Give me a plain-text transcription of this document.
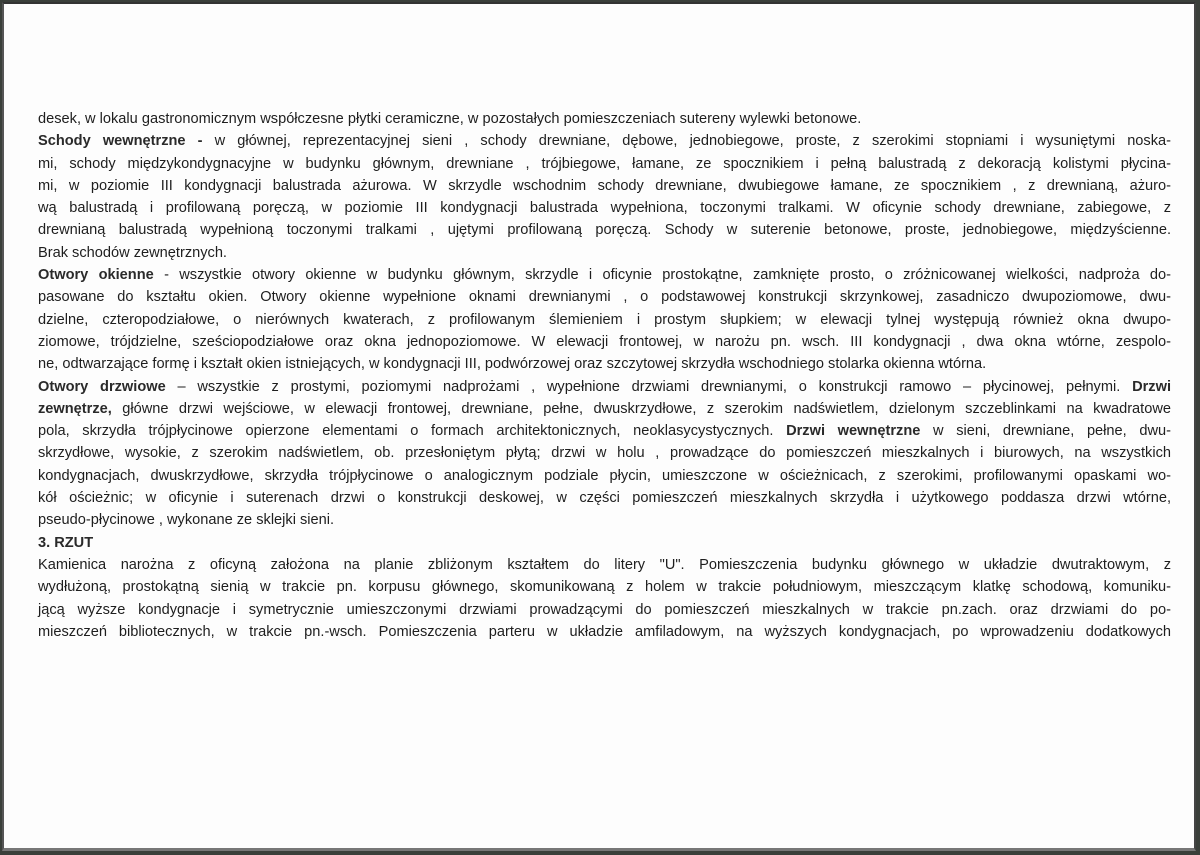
desek, w lokalu gastronomicznym współczesne płytki ceramiczne, w pozostałych pomieszczeniach sutereny wylewki betonowe.
Schody wewnętrzne - w głównej, reprezentacyjnej sieni , schody drewniane, dębowe, jednobiegowe, proste, z szerokimi stopniami i wysuniętymi noska-
mi, schody międzykondygnacyjne w budynku głównym, drewniane , trójbiegowe, łamane, ze spocznikiem i pełną balustradą z dekoracją kolistymi płycina-
mi, w poziomie III kondygnacji balustrada ażurowa. W skrzydle wschodnim schody drewniane, dwubiegowe łamane, ze spocznikiem , z drewnianą, ażuro-
wą balustradą i profilowaną poręczą, w poziomie III kondygnacji balustrada wypełniona, toczonymi tralkami. W oficynie schody drewniane, zabiegowe, z
drewnianą balustradą wypełnioną toczonymi tralkami , ujętymi profilowaną poręczą. Schody w suterenie betonowe, proste, jednobiegowe, międzyścienne.
Brak schodów zewnętrznych.
Otwory okienne - wszystkie otwory okienne w budynku głównym, skrzydle i oficynie prostokątne, zamknięte prosto, o zróżnicowanej wielkości, nadproża do-
pasowane do kształtu okien. Otwory okienne wypełnione oknami drewnianymi , o podstawowej konstrukcji skrzynkowej, zasadniczo dwupoziomowe, dwu-
dzielne, czteropodziałowe, o nierównych kwaterach, z profilowanym ślemieniem i prostym słupkiem; w elewacji tylnej występują również okna dwupo-
ziomowe, trójdzielne, sześciopodziałowe oraz okna jednopoziomowe. W elewacji frontowej, w narożu pn. wsch. III kondygnacji , dwa okna wtórne, zespolo-
ne, odtwarzające formę i kształt okien istniejących, w kondygnacji III, podwórzowej oraz szczytowej skrzydła wschodniego stolarka okienna wtórna.
Otwory drzwiowe – wszystkie z prostymi, poziomymi nadprożami , wypełnione drzwiami drewnianymi, o konstrukcji ramowo – płycinowej, pełnymi. Drzwi
zewnętrze, główne drzwi wejściowe, w elewacji frontowej, drewniane, pełne, dwuskrzydłowe, z szerokim nadświetlem, dzielonym szczeblinkami na kwadratowe
pola, skrzydła trójpłycinowe opierzone elementami o formach architektonicznych, neoklasycystycznych. Drzwi wewnętrzne w sieni, drewniane, pełne, dwu-
skrzydłowe, wysokie, z szerokim nadświetlem, ob. przesłoniętym płytą; drzwi w holu , prowadzące do pomieszczeń mieszkalnych i biurowych, na wszystkich
kondygnacjach, dwuskrzydłowe, skrzydła trójpłycinowe o analogicznym podziale płycin, umieszczone w ościeżnicach, z szerokimi, profilowanymi opaskami wo-
kół ościeżnic; w oficynie i suterenach drzwi o konstrukcji deskowej, w części pomieszczeń mieszkalnych skrzydła i użytkowego poddasza drzwi wtórne,
pseudo-płycinowe , wykonane ze sklejki sieni.
3. RZUT
Kamienica narożna z oficyną założona na planie zbliżonym kształtem do litery "U". Pomieszczenia budynku głównego w układzie dwutraktowym, z
wydłużoną, prostokątną sienią w trakcie pn. korpusu głównego, skomunikowaną z holem w trakcie południowym, mieszczącym klatkę schodową, komuniku-
jącą wyższe kondygnacje i symetrycznie umieszczonymi drzwiami prowadzącymi do pomieszczeń mieszkalnych w trakcie pn.zach. oraz drzwiami do po-
mieszczeń bibliotecznych, w trakcie pn.-wsch. Pomieszczenia parteru w układzie amfiladowym, na wyższych kondygnacjach, po wprowadzeniu dodatkowych
